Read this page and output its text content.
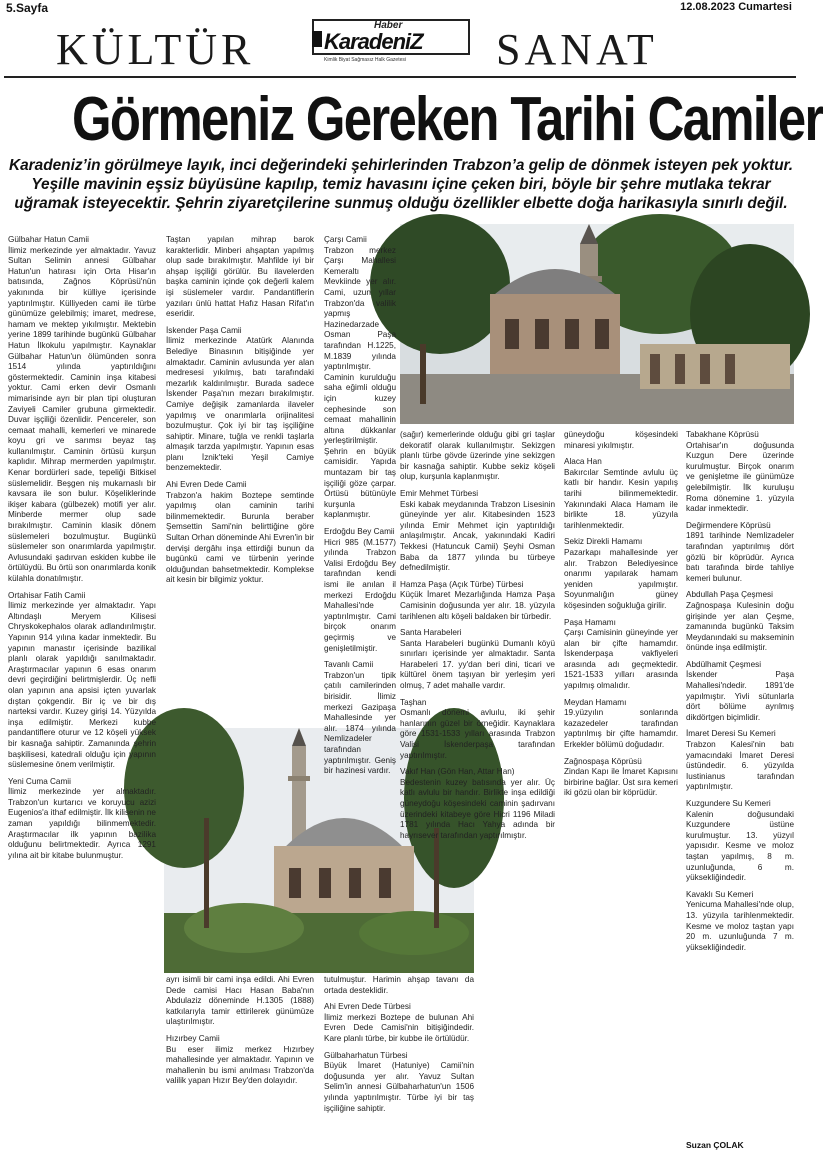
5.Sayfa	12.08.2023 Cumartesi
KÜLTÜR	Haber
KaradeniZ
Kimlik Biyat Sağmasız Halk Gazetesi SANAT
Görmeniz Gereken Tarihi Camiler
Karadeniz’in görülmeye layık, inci değerindeki şehirlerinden Trabzon’a gelip de dönmek isteyen pek yoktur. Yeşille mavinin eşsiz büyüsüne kapılıp, temiz havasını içine çeken biri, böyle bir şehre mutlaka tekrar uğramak isteyecektir. Şehrin ziyaretçilerine sunmuş olduğu özellikler elbette doğa harikasıyla sınırlı değil.
Gülbahar Hatun Camii

İlimiz merkezinde yer almaktadır. Yavuz Sultan Selimin annesi Gülbahar Hatun'un hatırası için Orta Hisar'ın batısında, Zağnos Köprüsü'nün yakınında bir külliye içerisinde yaptırılmıştır. Külliyeden cami ile türbe günümüze gelebilmiş; imaret, medrese, hamam ve mektep yıkılmıştır. Mektebin yerine 1899 tarihinde bugünkü Gülbahar Hatun İlkokulu yapılmıştır. Kaynaklar Gülbahar Hatun'un ölümünden sonra 1514 yılında yaptırıldığını göstermektedir. Caminin inşa kitabesi yoktur. Cami erken devir Osmanlı mimarisinde ayrı bir plan tipi oluşturan Zaviyeli Camiler grubuna girmektedir. Duvar işçiliği özenlidir. Pencereler, son cemaat mahalli, kemerleri ve minarede koyu gri ve sarımsı beyaz taş kullanılmıştır. Caminin örtüsü kurşun kaplıdır. Mihrap mermerden yapılmıştır. Kenar bordürleri sade, tepeliği Bitkisel süslemelidir. Beşgen niş mukarnaslı bir kavsara ile son bulur. Köşeliklerinde ikişer kabara (gülbezek) motifi yer alır. Minberde mermer olup sade bırakılmıştır. Caminin klasik dönem süslemeleri bozulmuştur. Bugünkü süslemeler son onarımlarda yapılmıştır. Avlusundaki şadırvan eskiden kubbe ile örtülüydü. Bu örtü son onarımlarda konik külahla donatılmıştır.

Ortahisar Fatih Camii

İlimiz merkezinde yer almaktadır. Yapı Altındaşlı Meryem Kilisesi Chryskokephalos olarak adlandırılmıştır. Yapının 914 yılına kadar inmektedir. Bu yapının manastır içerisinde bazilikal planlı olarak yapıldığı sanılmaktadır. Araştırmacılar yapının 6 esas onarım devri geçirdiğini belirtmişlerdir. Üç nefli olan yapının ana apsisi içten yuvarlak dıştan çokgendir. Bir iç ve bir dış narteksi vardır. Kuzey girişi 14. Yüzyılda inşa edilmiştir. Merkezi kubbe pandantiflere oturur ve 12 köşeli yüksek bir kasnağa sahiptir. Zamanında şehrin başkilisesi, katedrali olduğu için yapının süslemesine önem verilmiştir.

Yeni Cuma Camii

İlimiz merkezinde yer almaktadır. Trabzon'un kurtarıcı ve koruyucu azizi Eugenios'a ithaf edilmiştir. İlk kilisenin ne zaman yapıldığı bilinmemektedir. Araştırmacılar ilk yapının bazilika olduğunu belirtmektedir. Ayrıca 1291 yılına ait bir kitabe bulunmuştur.

Taştan yapılan mihrap barok karakterlidir. Minberi ahşaptan yapılmış olup sade bırakılmıştır. Mahfilde iyi bir ahşap işçiliği görülür. Bu ilavelerden başka caminin içinde çok değerli kalem işi süslemeler vardır. Pandantiflerin yazıları ünlü hattat Hafız Hasan Rifat'ın eseridir.

İskender Paşa Camii

İlimiz merkezinde Atatürk Alanında Belediye Binasının bitişiğinde yer almaktadır. Caminin avlusunda yer alan medresesi yıkılmış, batı tarafındaki mezarlık kaldırılmıştır. Burada sadece İskender Paşa'nın mezarı bırakılmıştır. Camiye değişik zamanlarda ilaveler yapılmış ve onarımlarla orijinalitesi bozulmuştur. Çok iyi bir taş işçiliğine sahiptir. Minare, tuğla ve renkli taşlarla almaşık tarzda yapılmıştır. Yapının esas planı İznik'teki Yeşil Camiye benzemektedir.

Ahi Evren Dede Camii

Trabzon'a hakim Boztepe semtinde yapılmış olan caminin tarihi bilinmemektedir. Burunla beraber Şemsettin Sami'nin belirttiğine göre Sultan Orhan döneminde Ahi Evren'in bir dervişi dergâhı inşa ettirdiği bunun da bugünkü cami ve türbenin yerinde olduğundan bahsetmektedir. Komplekse ait kesin bir bilgimiz yoktur.

ayrı isimli bir cami inşa edildi. Ahi Evren Dede camisi Hacı Hasan Baba'nın Abdulaziz döneminde H.1305 (1888) katkılarıyla tamir ettirilerek günümüze ulaştırılmıştır.

Hızırbey Camii

Bu eser ilimiz merkez Hızırbey mahallesinde yer almaktadır. Yapının ve mahallenin bu ismi anılması Trabzon'da valilik yapan Hızır Bey'den dolayıdır.

Çarşı Camii

Trabzon merkez Çarşı Mahallesi Kemeraltı Mevkiinde yer alır. Cami, uzun yıllar Trabzon'da valilik yapmış Hazinedarzade Osman Paşa tarafından H.1225, M.1839 yılında yaptırılmıştır. Caminin kurulduğu saha eğimli olduğu için kuzey cephesinde son cemaat mahallinin altına dükkanlar yerleştirilmiştir. Şehrin en büyük camisidir. Yapıda muntazam bir taş işçiliği göze çarpar. Örtüsü bütünüyle kurşunla kaplanmıştır.

Erdoğdu Bey Camii

Hicri 985 (M.1577) yılında Trabzon Valisi Erdoğdu Bey tarafından kendi ismi ile anılan il merkezi Erdoğdu Mahallesi'nde yaptırılmıştır. Cami birçok onarım geçirmiş ve genişletilmiştir.

Tavanlı Camii

Trabzon'un tipik çatılı camilerinden birisidir. İlimiz merkezi Gazipaşa Mahallesinde yer alır. 1874 yılında Nemlizadeler tarafından yaptırılmıştır. Geniş bir hazinesi vardır.

tutulmuştur. Harimin ahşap tavanı da ortada desteklidir.

Ahi Evren Dede Türbesi

İlimiz merkezi Boztepe de bulunan Ahi Evren Dede Camisi'nin bitişiğindedir. Kare planlı türbe, bir kubbe ile örtülüdür.

Gülbaharhatun Türbesi

Büyük İmaret (Hatuniye) Camii'nin doğusunda yer alır. Yavuz Sultan Selim'in annesi Gülbaharhatun'un 1506 yılında yaptırılmıştır. Türbe iyi bir taş işçiliğine sahiptir.

(sağır) kemerlerinde olduğu gibi gri taşlar dekoratif olarak kullanılmıştır. Sekizgen planlı türbe gövde üzerinde yine sekizgen bir kasnağa sahiptir. Kubbe sekiz köşeli olup, kurşunla kaplanmıştır.

Emir Mehmet Türbesi

Eski kabak meydanında Trabzon Lisesinin güneyinde yer alır. Kitabesinden 1523 yılında Emir Mehmet için yaptırıldığı anlaşılmıştır. Ancak, yakınındaki Kadiri Tekkesi (Hatuncuk Camii) Şeyhi Osman Baba da 1877 yılında bu türbeye defnedilmiştir.

Hamza Paşa (Açık Türbe) Türbesi

Küçük İmaret Mezarlığında Hamza Paşa Camisinin doğusunda yer alır. 18. yüzyıla tarihlenen altı köşeli baldaken bir türbedir.

Santa Harabeleri

Santa Harabeleri bugünkü Dumanlı köyü sınırları içerisinde yer almaktadır. Santa Harabeleri 17. yy'dan beri dini, ticari ve kültürel önem taşıyan bir yerleşim yeri olmuş, 7 adet mahalle vardır.

Taşhan

Osmanlı dönemi avluılu, iki şehir hanlarının güzel bir örneğidir. Kaynaklara göre 1531-1533 yılları arasında Trabzon Valisi İskenderpaşa tarafından yaptırılmıştır.

Vakıf Han (Gön Han, Attar Han)

Bedestenin kuzey batısında yer alır. Üç katlı avlulu bir handır. Birlikte inşa edildiği güneydoğu köşesindeki caminin şadırvanı üzerindeki kitabeye göre Hicri 1196 Miladi 1781 yılında Hacı Yahya adında bir hayrısever tarafından yaptırılmıştır.

güneydoğu köşesindeki minaresi yıkılmıştır.

Alaca Han

Bakırcılar Semtinde avlulu üç katlı bir handır. Kesin yapılış tarihi bilinmemektedir. Yakınındaki Alaca Hamam ile birlikte 18. yüzyıla tarihlenmektedir.

Sekiz Direkli Hamamı

Pazarkapı mahallesinde yer alır. Trabzon Belediyesince onarımı yapılarak hamam yeniden yapılmıştır. Soyunmalığın güney köşesinden soğukluğa girilir.

Paşa Hamamı

Çarşı Camisinin güneyinde yer alan bir çifte hamamdır. İskenderpaşa vakfiyeleri arasında adı geçmektedir. 1521-1533 yılları arasında yapılmış olmalıdır.

Meydan Hamamı

19.yüzyılın sonlarında kazazedeler tarafından yaptırılmış bir çifte hamamdır. Erkekler bölümü doğudadır.

Zağnospaşa Köprüsü

Zindan Kapı ile İmaret Kapısını birbirine bağlar. Üst sıra kemeri iki gözü olan bir köprüdür.

Tabakhane Köprüsü

Ortahisar'ın doğusunda Kuzgun Dere üzerinde kurulmuştur. Birçok onarım ve genişletme ile günümüze gelebilmiştir. İlk kuruluşu Roma dönemine 1. yüzyıla kadar inmektedir.

Değirmendere Köprüsü

1891 tarihinde Nemlizadeler tarafından yaptırılmış dört gözlü bir köprüdür. Ayrıca batı tarafında birde tahliye kemeri bulunur.

Abdullah Paşa Çeşmesi

Zağnospaşa Kulesinin doğu girişinde yer alan Çeşme, zamanında bugünkü Taksim Meydanındaki su makseminin önünde inşa edilmiştir.

Abdülhamit Çeşmesi

İskender Paşa Mahallesi'ndedir. 1891'de yapılmıştır. Yivli sütunlarla dört bölüme ayrılmış dikdörtgen biçimlidir.

İmaret Deresi Su Kemeri

Trabzon Kalesi'nin batı yamacındaki İmaret Deresi üstündedir. 6. yüzyılda Iustinianus tarafından yaptırılmıştır.

Kuzgundere Su Kemeri

Kalenin doğusundaki Kuzgundere üstüne kurulmuştur. 13. yüzyıl yapısıdır. Kesme ve moloz taştan yapılmış, 8 m. uzunluğunda, 6 m. yüksekliğindedir.

Kavaklı Su Kemeri

Yenicuma Mahallesi'nde olup, 13. yüzyıla tarihlenmektedir. Kesme ve moloz taştan yapı 20 m. uzunluğunda 7 m. yüksekliğindedir.

Suzan ÇOLAK
